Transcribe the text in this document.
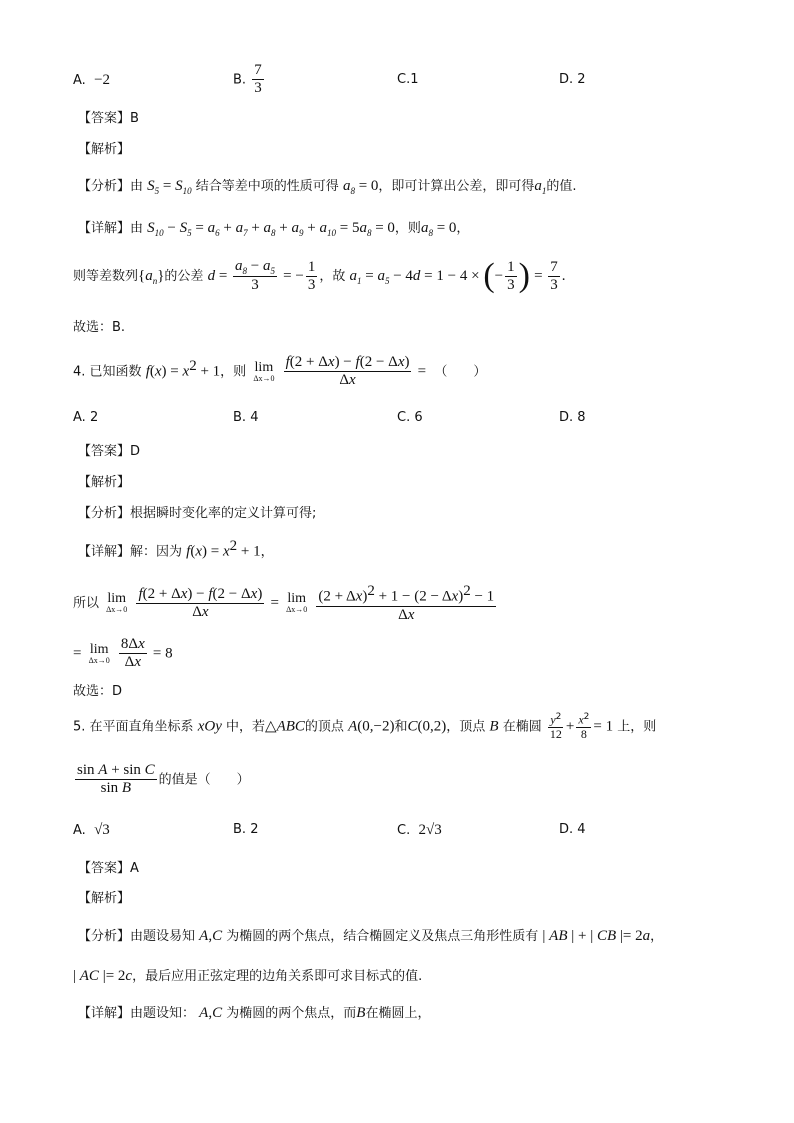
A. −2	B. $\frac{7}{3}$	C.1	D. 2
【答案】B
【解析】
【分析】由 $S_5 = S_{10}$ 结合等差中项的性质可得 $a_8 = 0$，即可计算出公差，即可得$a_1$的值.
【详解】由 $S_{10} - S_5 = a_6 + a_7 + a_8 + a_9 + a_{10} = 5a_8 = 0$，则$a_8 = 0$，
则等差数列$\{a_n\}$的公差 $d = \frac{a_8 - a_5}{3}$ = − $\frac{1}{3}$ ，故 $a_1 = a_5 - 4d = 1 - 4$ × ( − $\frac{1}{3}$ ) = $\frac{7}{3}$ .
故选：B.
4. 已知函数 $f(x) = x^2 + 1$，则 lim
Δx→0
$\frac{f(2 + \Delta x) - f(2 - \Delta x)}{\Delta x}$ = （　　）
A. 2	B. 4	C. 6	D. 8
【答案】D
【解析】
【分析】根据瞬时变化率的定义计算可得;
【详解】解：因为 $f(x) = x^2 + 1$，
所以 lim
Δx→0
$\frac{f(2 + \Delta x) - f(2 - \Delta x)}{\Delta x} = \lim$
Δx→0
$\frac{(2 + \Delta x)^2 + 1 - (2 - \Delta x)^2 - 1}{\Delta x}$
= lim
Δx→0
$\frac{8\Delta x}{\Delta x} = 8$
故选：D
5. 在平面直角坐标系 xOy 中，若△ABC的顶点 A(0,−2)和C(0,2)，顶点 B 在椭圆 $\frac{y^2}{12} + \frac{x^2}{8} = 1$ 上，则
$\frac{\text{sin A + sin C}}{\text{sin B}}$ 的值是（　　）
A. √3	B. 2	C. 2√3	D. 4
【答案】A
【解析】
【分析】由题设易知 A,C 为椭圆的两个焦点，结合椭圆定义及焦点三角形性质有 | AB | + | CB |= 2a，
| AC |= 2c，最后应用正弦定理的边角关系即可求目标式的值.
【详解】由题设知： A,C 为椭圆的两个焦点，而B在椭圆上，
